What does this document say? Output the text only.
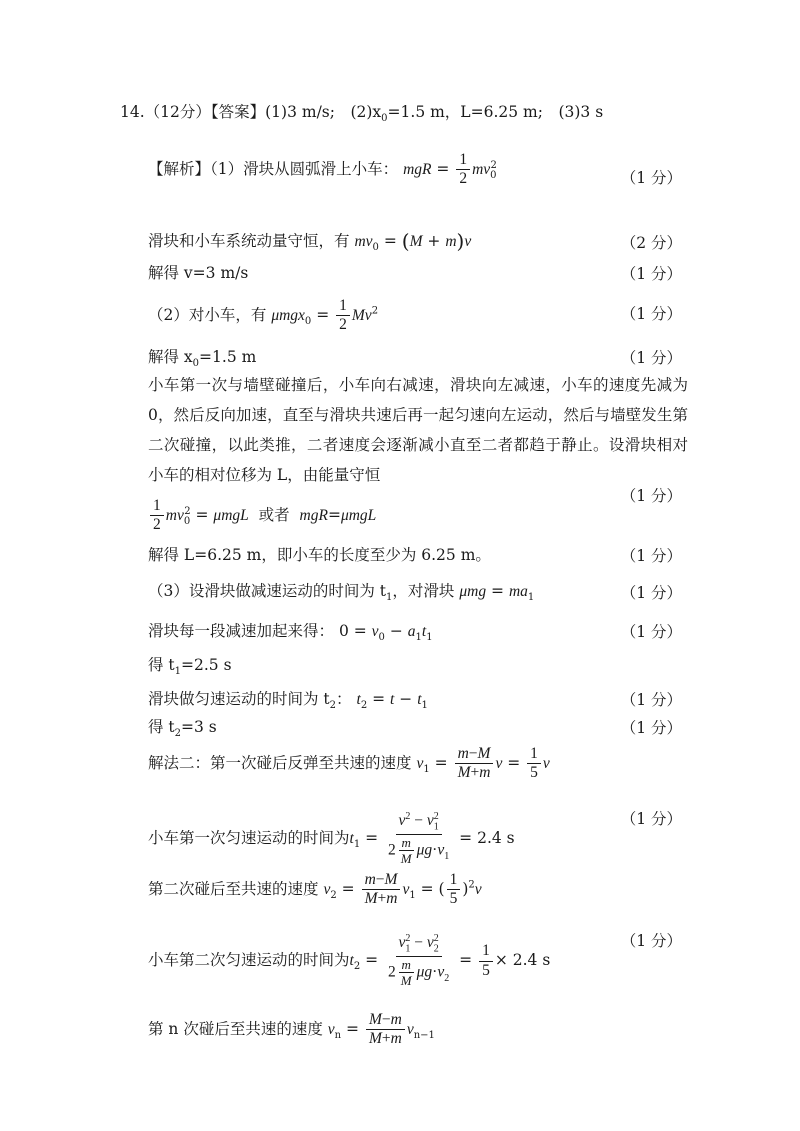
14.（12分）【答案】(1)3 m/s;　$(2)x_0=1.5$ m，L=6.25 m;　(3)3 s
【解析】（1）滑块从圆弧滑上小车： mgR = $\frac{1}{2} mv_0^2$
（1 分）
滑块和小车系统动量守恒，有 $mv_0 = (M + m)v$	（2 分）
解得 v=3 m/s	（1 分）
（2）对小车，有 $\mu mgx_0 = \frac{1}{2} Mv^2$	（1 分）
解得 $x_0=1.5$ m	（1 分）
小车第一次与墙壁碰撞后，小车向右减速，滑块向左减速，小车的速度先减为0，然后反向加速，直至与滑块共速后再一起匀速向左运动，然后与墙壁发生第二次碰撞，以此类推，二者速度会逐渐减小直至二者都趋于静止。设滑块相对小车的相对位移为 L，由能量守恒
$\frac{1}{2} mv_0^2 = \mu mgL$ 或者 mgR=μmgL
（1 分）
解得 L=6.25 m，即小车的长度至少为 6.25 m。	（1 分）
（3）设滑块做减速运动的时间为 $t_1$，对滑块 $\mu mg = ma_1$	（1 分）
滑块每一段减速加起来得： $0 = v_0 - a_1t_1$	（1 分）
得 $t_1=2.5$ s
滑块做匀速运动的时间为 $t_2$： $t_2 = t - t_1$	（1 分）
得 $t_2=3$ s	（1 分）
解法二：第一次碰后反弹至共速的速度 $v_1 = \frac{m-M}{M+m}$ $v = \frac{1}{5}$ v
小车第一次匀速运动的时间为$t_1 = \frac{v^2 - v_1^2}{2 \frac{m}{M} \mu g\cdot v_1} = 2.4$ s
（1 分）
第二次碰后至共速的速度 $v_2 = \frac{m-M}{M+m} v_1$ = ( $\frac{1}{5} )^2v$
小车第二次匀速运动的时间为$t_2 = \frac{v_1^2 - v_2^2}{2 \frac{m}{M} \mu g\cdot v_2} = \frac{1}{5} \times 2.4$ s
（1 分）
第 n 次碰后至共速的速度 $v_n = \frac{M-m}{M+m} v_{n-1}$
